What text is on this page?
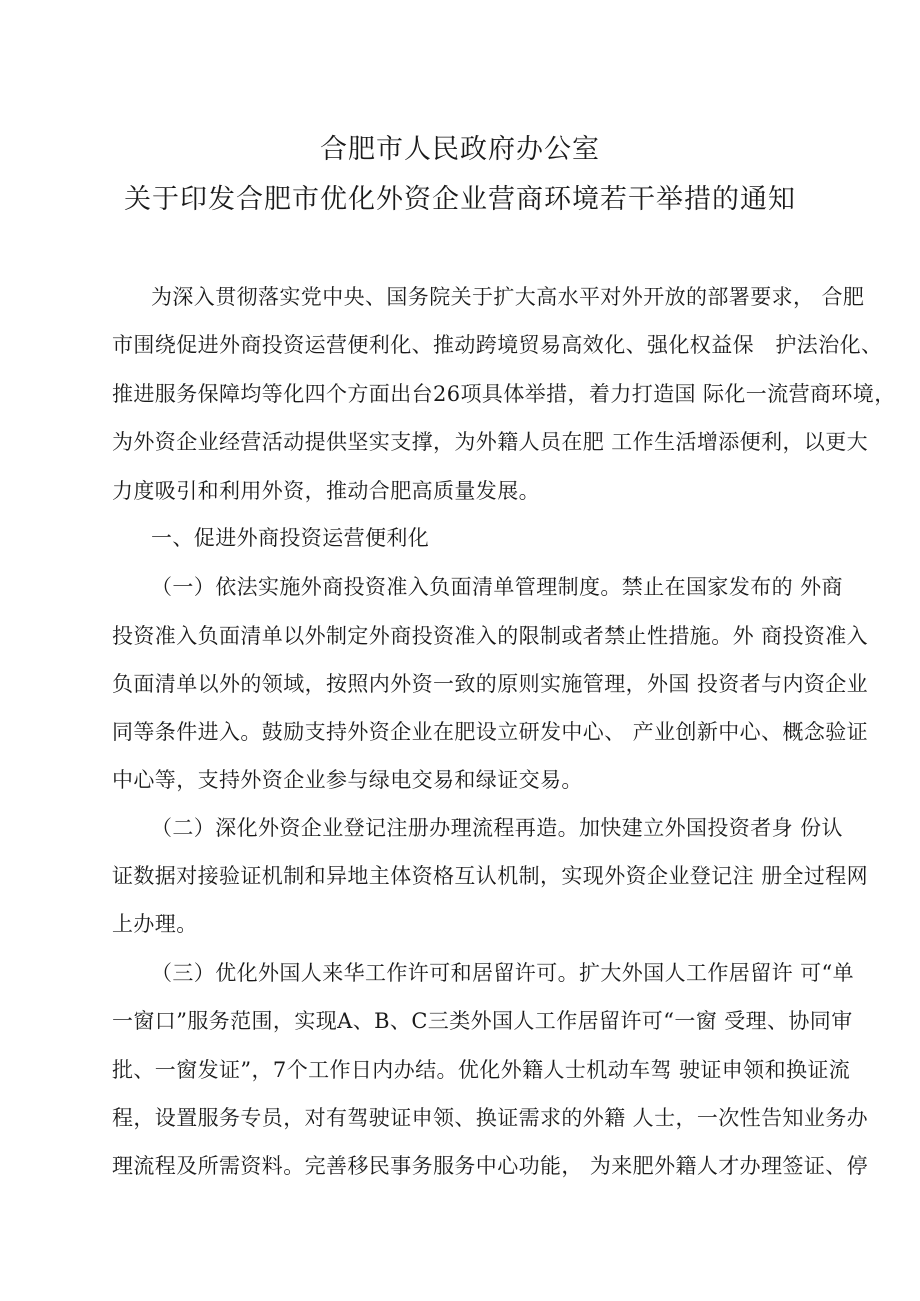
合肥市人民政府办公室
关于印发合肥市优化外资企业营商环境若干举措的通知
为深入贯彻落实党中央、国务院关于扩大高水平对外开放的部署要求， 合肥
市围绕促进外商投资运营便利化、推动跨境贸易高效化、强化权益保　护法治化、
推进服务保障均等化四个方面出台26项具体举措，着力打造国 际化一流营商环境，
为外资企业经营活动提供坚实支撑，为外籍人员在肥 工作生活增添便利，以更大
力度吸引和利用外资，推动合肥高质量发展。
一、促进外商投资运营便利化
（一）依法实施外商投资准入负面清单管理制度。禁止在国家发布的 外商
投资准入负面清单以外制定外商投资准入的限制或者禁止性措施。外 商投资准入
负面清单以外的领域，按照内外资一致的原则实施管理，外国 投资者与内资企业
同等条件进入。鼓励支持外资企业在肥设立研发中心、 产业创新中心、概念验证
中心等，支持外资企业参与绿电交易和绿证交易。
（二）深化外资企业登记注册办理流程再造。加快建立外国投资者身 份认
证数据对接验证机制和异地主体资格互认机制，实现外资企业登记注 册全过程网
上办理。
（三）优化外国人来华工作许可和居留许可。扩大外国人工作居留许 可“单
一窗口”服务范围，实现A、B、C三类外国人工作居留许可“一窗 受理、协同审
批、一窗发证”，7个工作日内办结。优化外籍人士机动车驾 驶证申领和换证流
程，设置服务专员，对有驾驶证申领、换证需求的外籍 人士，一次性告知业务办
理流程及所需资料。完善移民事务服务中心功能， 为来肥外籍人才办理签证、停
